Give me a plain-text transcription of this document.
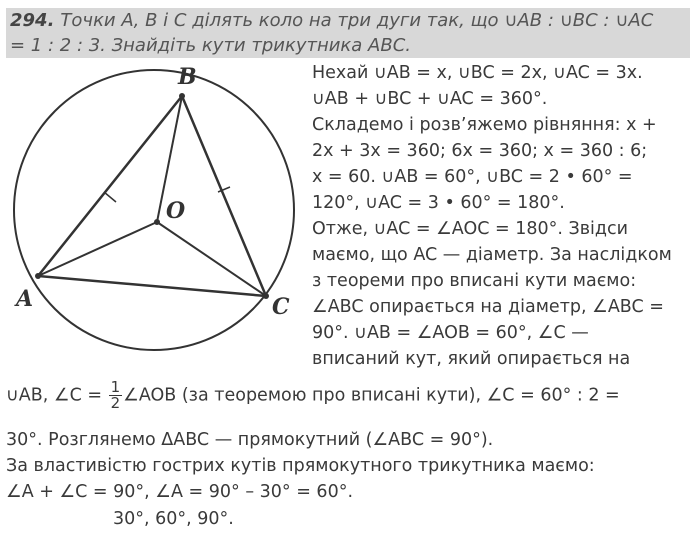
294. Точки А, В і С ділять коло на три дуги так, що ∪AB : ∪BC : ∪AC
= 1 : 2 : 3. Знайдіть кути трикутника ABC.
A
B
C
O
Нехай ∪AB = x, ∪BC = 2x, ∪AC = 3x.
∪AB + ∪BC + ∪AC = 360°.
Складемо і розв’яжемо рівняння: x +
2x + 3x = 360; 6x = 360; x = 360 : 6;
x = 60. ∪AB = 60°, ∪BC = 2 • 60° =
120°, ∪AC = 3 • 60° = 180°.
Отже, ∪AC = ∠AOC = 180°. Звідси
маємо, що AC — діаметр. За наслідком
з теореми про вписані кути маємо:
∠ABC опирається на діаметр, ∠ABC =
90°. ∪AB = ∠AOB = 60°, ∠C —
вписаний кут, який опирається на
∪AB, ∠C = $\frac{1}{2}$ ∠AOB (за теоремою про вписані кути), ∠C = 60° : 2 =
30°. Розглянемо ΔABC — прямокутний (∠ABC = 90°).
За властивістю гострих кутів прямокутного трикутника маємо:
∠A + ∠C = 90°, ∠A = 90° – 30° = 60°.
30°, 60°, 90°.
